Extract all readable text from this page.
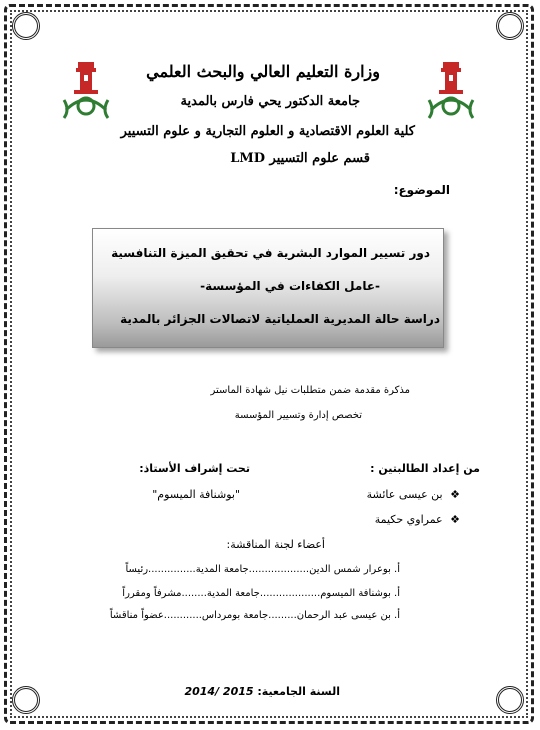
وزارة التعليم العالي والبحث العلمي
جامعة الدكتور يحي فارس بالمدية
كلية العلوم الاقتصادية و العلوم التجارية و علوم التسيير
قسم علوم التسيير LMD
الموضوع:
دور تسيير الموارد البشرية في تحقيق الميزة التنافسية
-عامل الكفاءات في المؤسسة-
دراسة حالة المديرية العملياتية لاتصالات الجزائر بالمدية
مذكرة مقدمة ضمن متطلبات نيل شهادة الماستر
تخصص إدارة وتسيير المؤسسة
من إعداد الطالبتين :
تحت إشراف الأستاذ:
❖ بن عيسى عائشة
❖ عمراوي حكيمة
"بوشنافة الميسوم"
أعضاء لجنة المناقشة:
أ. بوعرار شمس الدين...................جامعة المدية...............رئيساً
أ. بوشنافة الميسوم...................جامعة المدية........مشرفاً ومقرراً
أ. بن عيسى عبد الرحمان.........جامعة بومرداس............عضواً مناقشاً
السنة الجامعية: 2014/ 2015
